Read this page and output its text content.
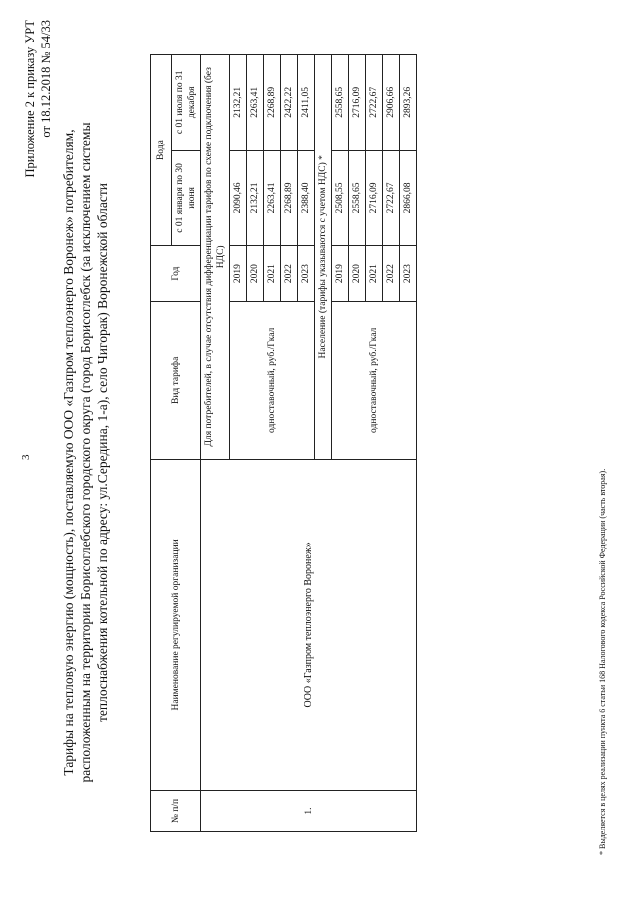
3
Приложение 2 к приказу УРТ от 18.12.2018 № 54/33
Тарифы на тепловую энергию (мощность), поставляемую ООО «Газпром теплоэнерго Воронеж» потребителям, расположенным на территории Борисоглебского городского округа (город Борисоглебск (за исключением системы теплоснабжения котельной по адресу: ул.Середина, 1-а), село Чигорак) Воронежской области
№ п/п	Наименование регулируемой организации	Вид тарифа	Год	Вода	
				с 01 января по 30 июня	с 01 июля по 31 декабря
1.	ООО «Газпром теплоэнерго Воронеж»	Для потребителей, в случае отсутствия дифференциации тарифов по схеме подключения (без НДС)			
		одноставочный, руб./Гкал	2019	2090,46	2132,21
			2020	2132,21	2263,41
			2021	2263,41	2268,89
			2022	2268,89	2422,22
			2023	2388,40	2411,05
		Население (тарифы указываются с учетом НДС) *			
		одноставочный, руб./Гкал	2019	2508,55	2558,65
			2020	2558,65	2716,09
			2021	2716,09	2722,67
			2022	2722,67	2906,66
			2023	2866,08	2893,26
* Выделяется в целях реализации пункта 6 статьи 168 Налогового кодекса Российской Федерации (часть вторая).
